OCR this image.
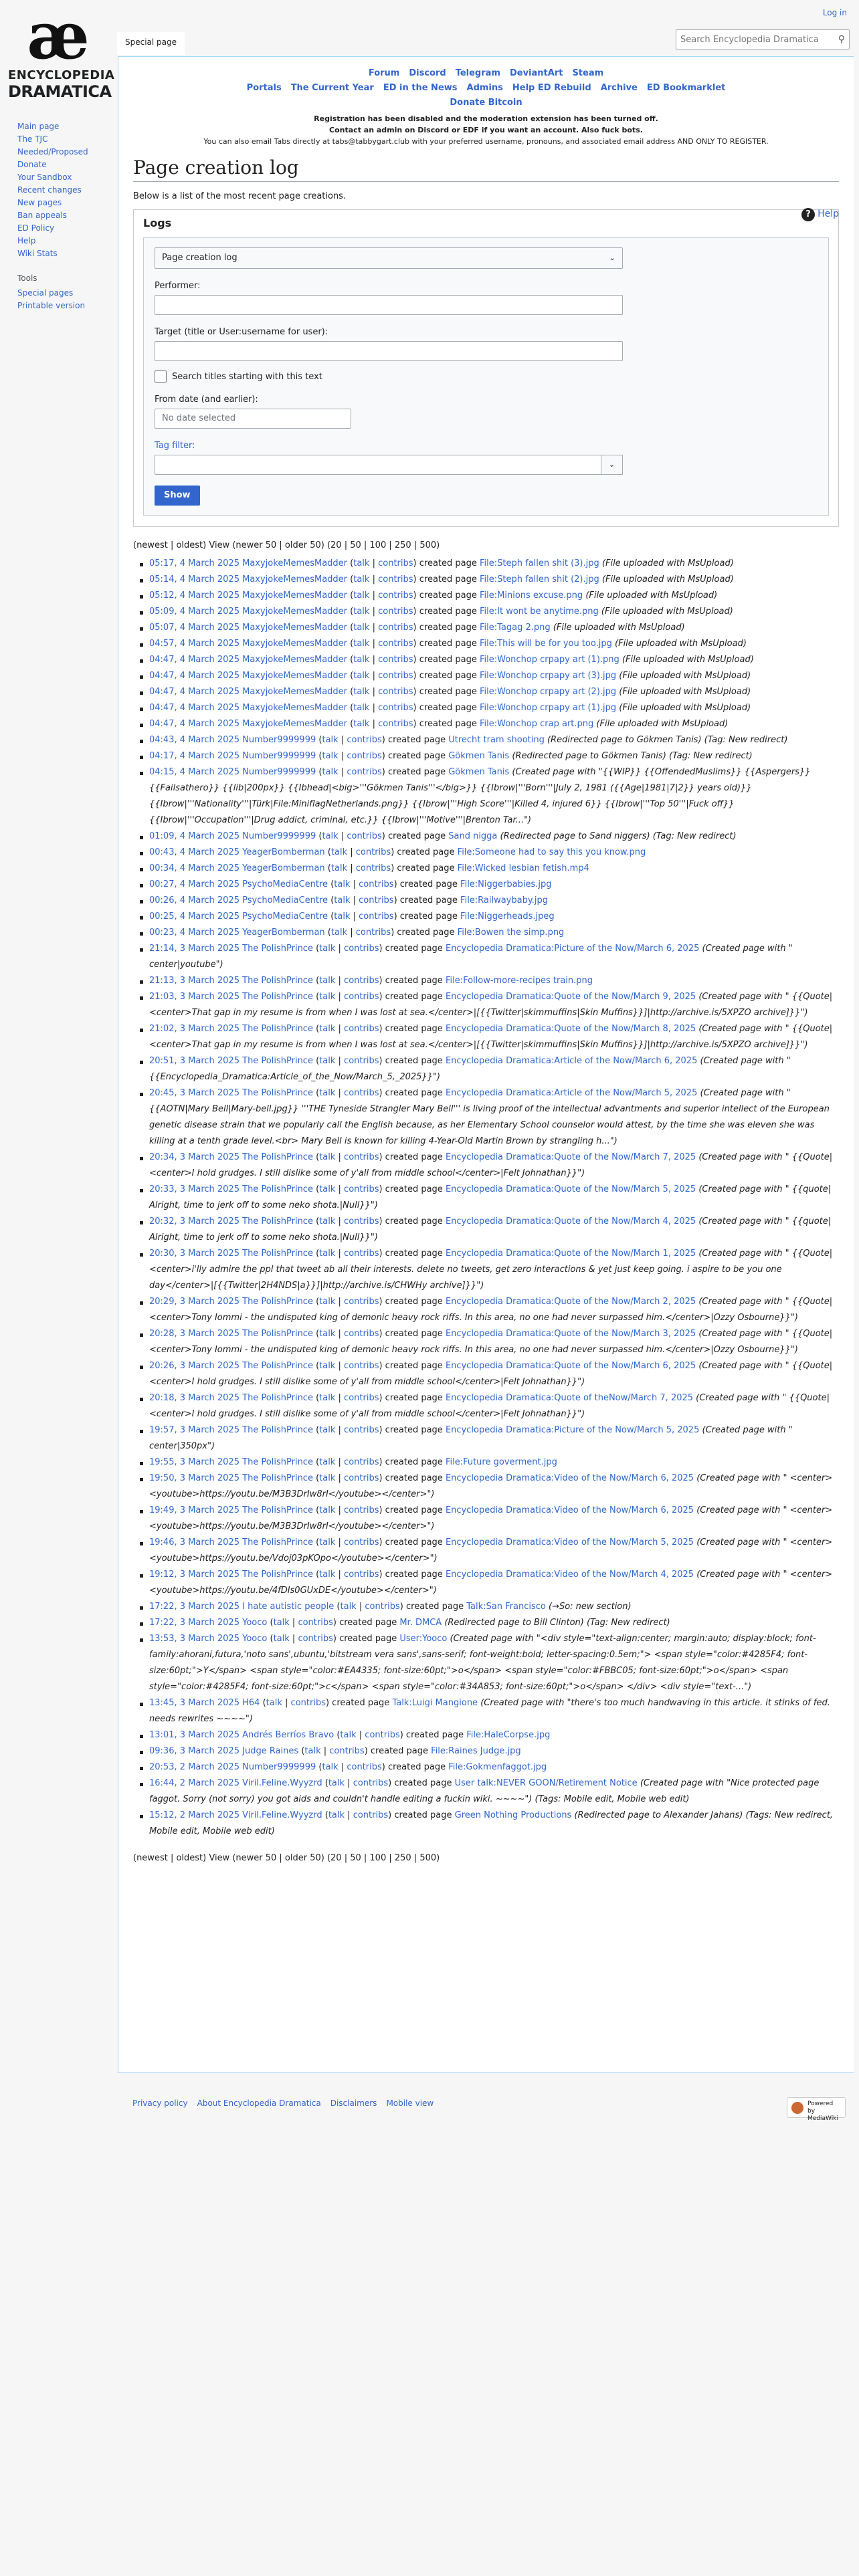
æ
ENCYCLOPEDIA
DRAMATICA
Log in
Special page
Search Encyclopedia Dramatica	⚲
Main page
The TJC
Needed/Proposed
Donate
Your Sandbox
Recent changes
New pages
Ban appeals
ED Policy
Help
Wiki Stats
Tools
Special pages
Printable version
Forum Discord Telegram DeviantArt Steam
Portals The Current Year ED in the News Admins Help ED Rebuild Archive ED Bookmarklet
Donate Bitcoin
Registration has been disabled and the moderation extension has been turned off.
Contact an admin on Discord or EDF if you want an account. Also fuck bots.
You can also email Tabs directly at tabs@tabbygart.club with your preferred username, pronouns, and associated email address AND ONLY TO REGISTER.
Page creation log

Below is a list of the most recent page creations.

Logs
Page creation log	⌄
Performer:
Target (title or User:username for user):
Search titles starting with this text
From date (and earlier):
No date selected
Tag filter:
⌄
Show
(newest | oldest) View (newer 50 | older 50) (20 | 50 | 100 | 250 | 500)
05:17, 4 March 2025 MaxyjokeMemesMadder (talk | contribs) created page File:Steph fallen shit (3).jpg (File uploaded with MsUpload)
05:14, 4 March 2025 MaxyjokeMemesMadder (talk | contribs) created page File:Steph fallen shit (2).jpg (File uploaded with MsUpload)
05:12, 4 March 2025 MaxyjokeMemesMadder (talk | contribs) created page File:Minions excuse.png (File uploaded with MsUpload)
05:09, 4 March 2025 MaxyjokeMemesMadder (talk | contribs) created page File:It wont be anytime.png (File uploaded with MsUpload)
05:07, 4 March 2025 MaxyjokeMemesMadder (talk | contribs) created page File:Tagag 2.png (File uploaded with MsUpload)
04:57, 4 March 2025 MaxyjokeMemesMadder (talk | contribs) created page File:This will be for you too.jpg (File uploaded with MsUpload)
04:47, 4 March 2025 MaxyjokeMemesMadder (talk | contribs) created page File:Wonchop crpapy art (1).png (File uploaded with MsUpload)
04:47, 4 March 2025 MaxyjokeMemesMadder (talk | contribs) created page File:Wonchop crpapy art (3).jpg (File uploaded with MsUpload)
04:47, 4 March 2025 MaxyjokeMemesMadder (talk | contribs) created page File:Wonchop crpapy art (2).jpg (File uploaded with MsUpload)
04:47, 4 March 2025 MaxyjokeMemesMadder (talk | contribs) created page File:Wonchop crpapy art (1).jpg (File uploaded with MsUpload)
04:47, 4 March 2025 MaxyjokeMemesMadder (talk | contribs) created page File:Wonchop crap art.png (File uploaded with MsUpload)
04:43, 4 March 2025 Number9999999 (talk | contribs) created page Utrecht tram shooting (Redirected page to Gökmen Tanis) (Tag: New redirect)
04:17, 4 March 2025 Number9999999 (talk | contribs) created page Gökmen Tanis (Redirected page to Gökmen Tanis) (Tag: New redirect)
04:15, 4 March 2025 Number9999999 (talk | contribs) created page Gökmen Tanis (Created page with "{{WIP}} {{OffendedMuslims}} {{Aspergers}} {{Failsathero}} {{lib|200px}} {{Ibhead|<big>'''Gökmen Tanis'''</big>}} {{Ibrow|'''Born'''|July 2, 1981 ({{Age|1981|7|2}} years old)}} {{Ibrow|'''Nationality'''|Türk|File:MiniflagNetherlands.png}} {{Ibrow|'''High Score'''|Killed 4, injured 6}} {{Ibrow|'''Top 50'''|Fuck off}} {{Ibrow|'''Occupation'''|Drug addict, criminal, etc.}} {{Ibrow|'''Motive'''|Brenton Tar...")
01:09, 4 March 2025 Number9999999 (talk | contribs) created page Sand nigga (Redirected page to Sand niggers) (Tag: New redirect)
00:43, 4 March 2025 YeagerBomberman (talk | contribs) created page File:Someone had to say this you know.png
00:34, 4 March 2025 YeagerBomberman (talk | contribs) created page File:Wicked lesbian fetish.mp4
00:27, 4 March 2025 PsychoMediaCentre (talk | contribs) created page File:Niggerbabies.jpg
00:26, 4 March 2025 PsychoMediaCentre (talk | contribs) created page File:Railwaybaby.jpg
00:25, 4 March 2025 PsychoMediaCentre (talk | contribs) created page File:Niggerheads.jpeg
00:23, 4 March 2025 YeagerBomberman (talk | contribs) created page File:Bowen the simp.png
21:14, 3 March 2025 The PolishPrince (talk | contribs) created page Encyclopedia Dramatica:Picture of the Now/March 6, 2025 (Created page with " center|youtube")
21:13, 3 March 2025 The PolishPrince (talk | contribs) created page File:Follow-more-recipes train.png
21:03, 3 March 2025 The PolishPrince (talk | contribs) created page Encyclopedia Dramatica:Quote of the Now/March 9, 2025 (Created page with " {{Quote|<center>That gap in my resume is from when I was lost at sea.</center>|[{{Twitter|skimmuffins|Skin Muffins}}]|http://archive.is/5XPZO archive]}}")
21:02, 3 March 2025 The PolishPrince (talk | contribs) created page Encyclopedia Dramatica:Quote of the Now/March 8, 2025 (Created page with " {{Quote|<center>That gap in my resume is from when I was lost at sea.</center>|[{{Twitter|skimmuffins|Skin Muffins}}]|http://archive.is/5XPZO archive]}}")
20:51, 3 March 2025 The PolishPrince (talk | contribs) created page Encyclopedia Dramatica:Article of the Now/March 6, 2025 (Created page with " {{Encyclopedia_Dramatica:Article_of_the_Now/March_5,_2025}}")
20:45, 3 March 2025 The PolishPrince (talk | contribs) created page Encyclopedia Dramatica:Article of the Now/March 5, 2025 (Created page with " {{AOTN|Mary Bell|Mary-bell.jpg}} '''THE Tyneside Strangler Mary Bell''' is living proof of the intellectual advantments and superior intellect of the European genetic disease strain that we popularly call the English because, as her Elementary School counselor would attest, by the time she was eleven she was killing at a tenth grade level.<br> Mary Bell is known for killing 4-Year-Old Martin Brown by strangling h...")
20:34, 3 March 2025 The PolishPrince (talk | contribs) created page Encyclopedia Dramatica:Quote of the Now/March 7, 2025 (Created page with " {{Quote|<center>I hold grudges. I still dislike some of y'all from middle school</center>|Felt Johnathan}}")
20:33, 3 March 2025 The PolishPrince (talk | contribs) created page Encyclopedia Dramatica:Quote of the Now/March 5, 2025 (Created page with " {{quote| Alright, time to jerk off to some neko shota.|Null}}")
20:32, 3 March 2025 The PolishPrince (talk | contribs) created page Encyclopedia Dramatica:Quote of the Now/March 4, 2025 (Created page with " {{quote| Alright, time to jerk off to some neko shota.|Null}}")
20:30, 3 March 2025 The PolishPrince (talk | contribs) created page Encyclopedia Dramatica:Quote of the Now/March 1, 2025 (Created page with " {{Quote|<center>i'lly admire the ppl that tweet ab all their interests. delete no tweets, get zero interactions & yet just keep going. i aspire to be you one day</center>|[{{Twitter|2H4NDS|a}}]|http://archive.is/CHWHy archive]}}")
20:29, 3 March 2025 The PolishPrince (talk | contribs) created page Encyclopedia Dramatica:Quote of the Now/March 2, 2025 (Created page with " {{Quote|<center>Tony Iommi - the undisputed king of demonic heavy rock riffs. In this area, no one had never surpassed him.</center>|Ozzy Osbourne}}")
20:28, 3 March 2025 The PolishPrince (talk | contribs) created page Encyclopedia Dramatica:Quote of the Now/March 3, 2025 (Created page with " {{Quote|<center>Tony Iommi - the undisputed king of demonic heavy rock riffs. In this area, no one had never surpassed him.</center>|Ozzy Osbourne}}")
20:26, 3 March 2025 The PolishPrince (talk | contribs) created page Encyclopedia Dramatica:Quote of the Now/March 6, 2025 (Created page with " {{Quote|<center>I hold grudges. I still dislike some of y'all from middle school</center>|Felt Johnathan}}")
20:18, 3 March 2025 The PolishPrince (talk | contribs) created page Encyclopedia Dramatica:Quote of theNow/March 7, 2025 (Created page with " {{Quote|<center>I hold grudges. I still dislike some of y'all from middle school</center>|Felt Johnathan}}")
19:57, 3 March 2025 The PolishPrince (talk | contribs) created page Encyclopedia Dramatica:Picture of the Now/March 5, 2025 (Created page with " center|350px")
19:55, 3 March 2025 The PolishPrince (talk | contribs) created page File:Future goverment.jpg
19:50, 3 March 2025 The PolishPrince (talk | contribs) created page Encyclopedia Dramatica:Video of the Now/March 6, 2025 (Created page with " <center><youtube>https://youtu.be/M3B3DrIw8rI</youtube></center>")
19:49, 3 March 2025 The PolishPrince (talk | contribs) created page Encyclopedia Dramatica:Video of the Now/March 6, 2025 (Created page with " <center><youtube>https://youtu.be/M3B3DrIw8rI</youtube></center>")
19:46, 3 March 2025 The PolishPrince (talk | contribs) created page Encyclopedia Dramatica:Video of the Now/March 5, 2025 (Created page with " <center><youtube>https://youtu.be/Vdoj03pKOpo</youtube></center>")
19:12, 3 March 2025 The PolishPrince (talk | contribs) created page Encyclopedia Dramatica:Video of the Now/March 4, 2025 (Created page with " <center><youtube>https://youtu.be/4fDIs0GUxDE</youtube></center>")
17:22, 3 March 2025 I hate autistic people (talk | contribs) created page Talk:San Francisco (→So: new section)
17:22, 3 March 2025 Yooco (talk | contribs) created page Mr. DMCA (Redirected page to Bill Clinton) (Tag: New redirect)
13:53, 3 March 2025 Yooco (talk | contribs) created page User:Yooco (Created page with "<div style="text-align:center; margin:auto; display:block; font-family:ahorani,futura,'noto sans',ubuntu,'bitstream vera sans',sans-serif; font-weight:bold; letter-spacing:0.5em;"> <span style="color:#4285F4; font-size:60pt;">Y</span> <span style="color:#EA4335; font-size:60pt;">o</span> <span style="color:#FBBC05; font-size:60pt;">o</span> <span style="color:#4285F4; font-size:60pt;">c</span> <span style="color:#34A853; font-size:60pt;">o</span> </div> <div style="text-...")
13:45, 3 March 2025 H64 (talk | contribs) created page Talk:Luigi Mangione (Created page with "there's too much handwaving in this article. it stinks of fed. needs rewrites ~~~~")
13:01, 3 March 2025 Andrés Berríos Bravo (talk | contribs) created page File:HaleCorpse.jpg
09:36, 3 March 2025 Judge Raines (talk | contribs) created page File:Raines Judge.jpg
20:53, 2 March 2025 Number9999999 (talk | contribs) created page File:Gokmenfaggot.jpg
16:44, 2 March 2025 Viril.Feline.Wyyzrd (talk | contribs) created page User talk:NEVER GOON/Retirement Notice (Created page with "Nice protected page faggot. Sorry (not sorry) you got aids and couldn't handle editing a fuckin wiki. ~~~~") (Tags: Mobile edit, Mobile web edit)
15:12, 2 March 2025 Viril.Feline.Wyyzrd (talk | contribs) created page Green Nothing Productions (Redirected page to Alexander Jahans) (Tags: New redirect, Mobile edit, Mobile web edit)
(newest | oldest) View (newer 50 | older 50) (20 | 50 | 100 | 250 | 500)
? Help
Privacy policy About Encyclopedia Dramatica Disclaimers Mobile view	Powered by MediaWiki
